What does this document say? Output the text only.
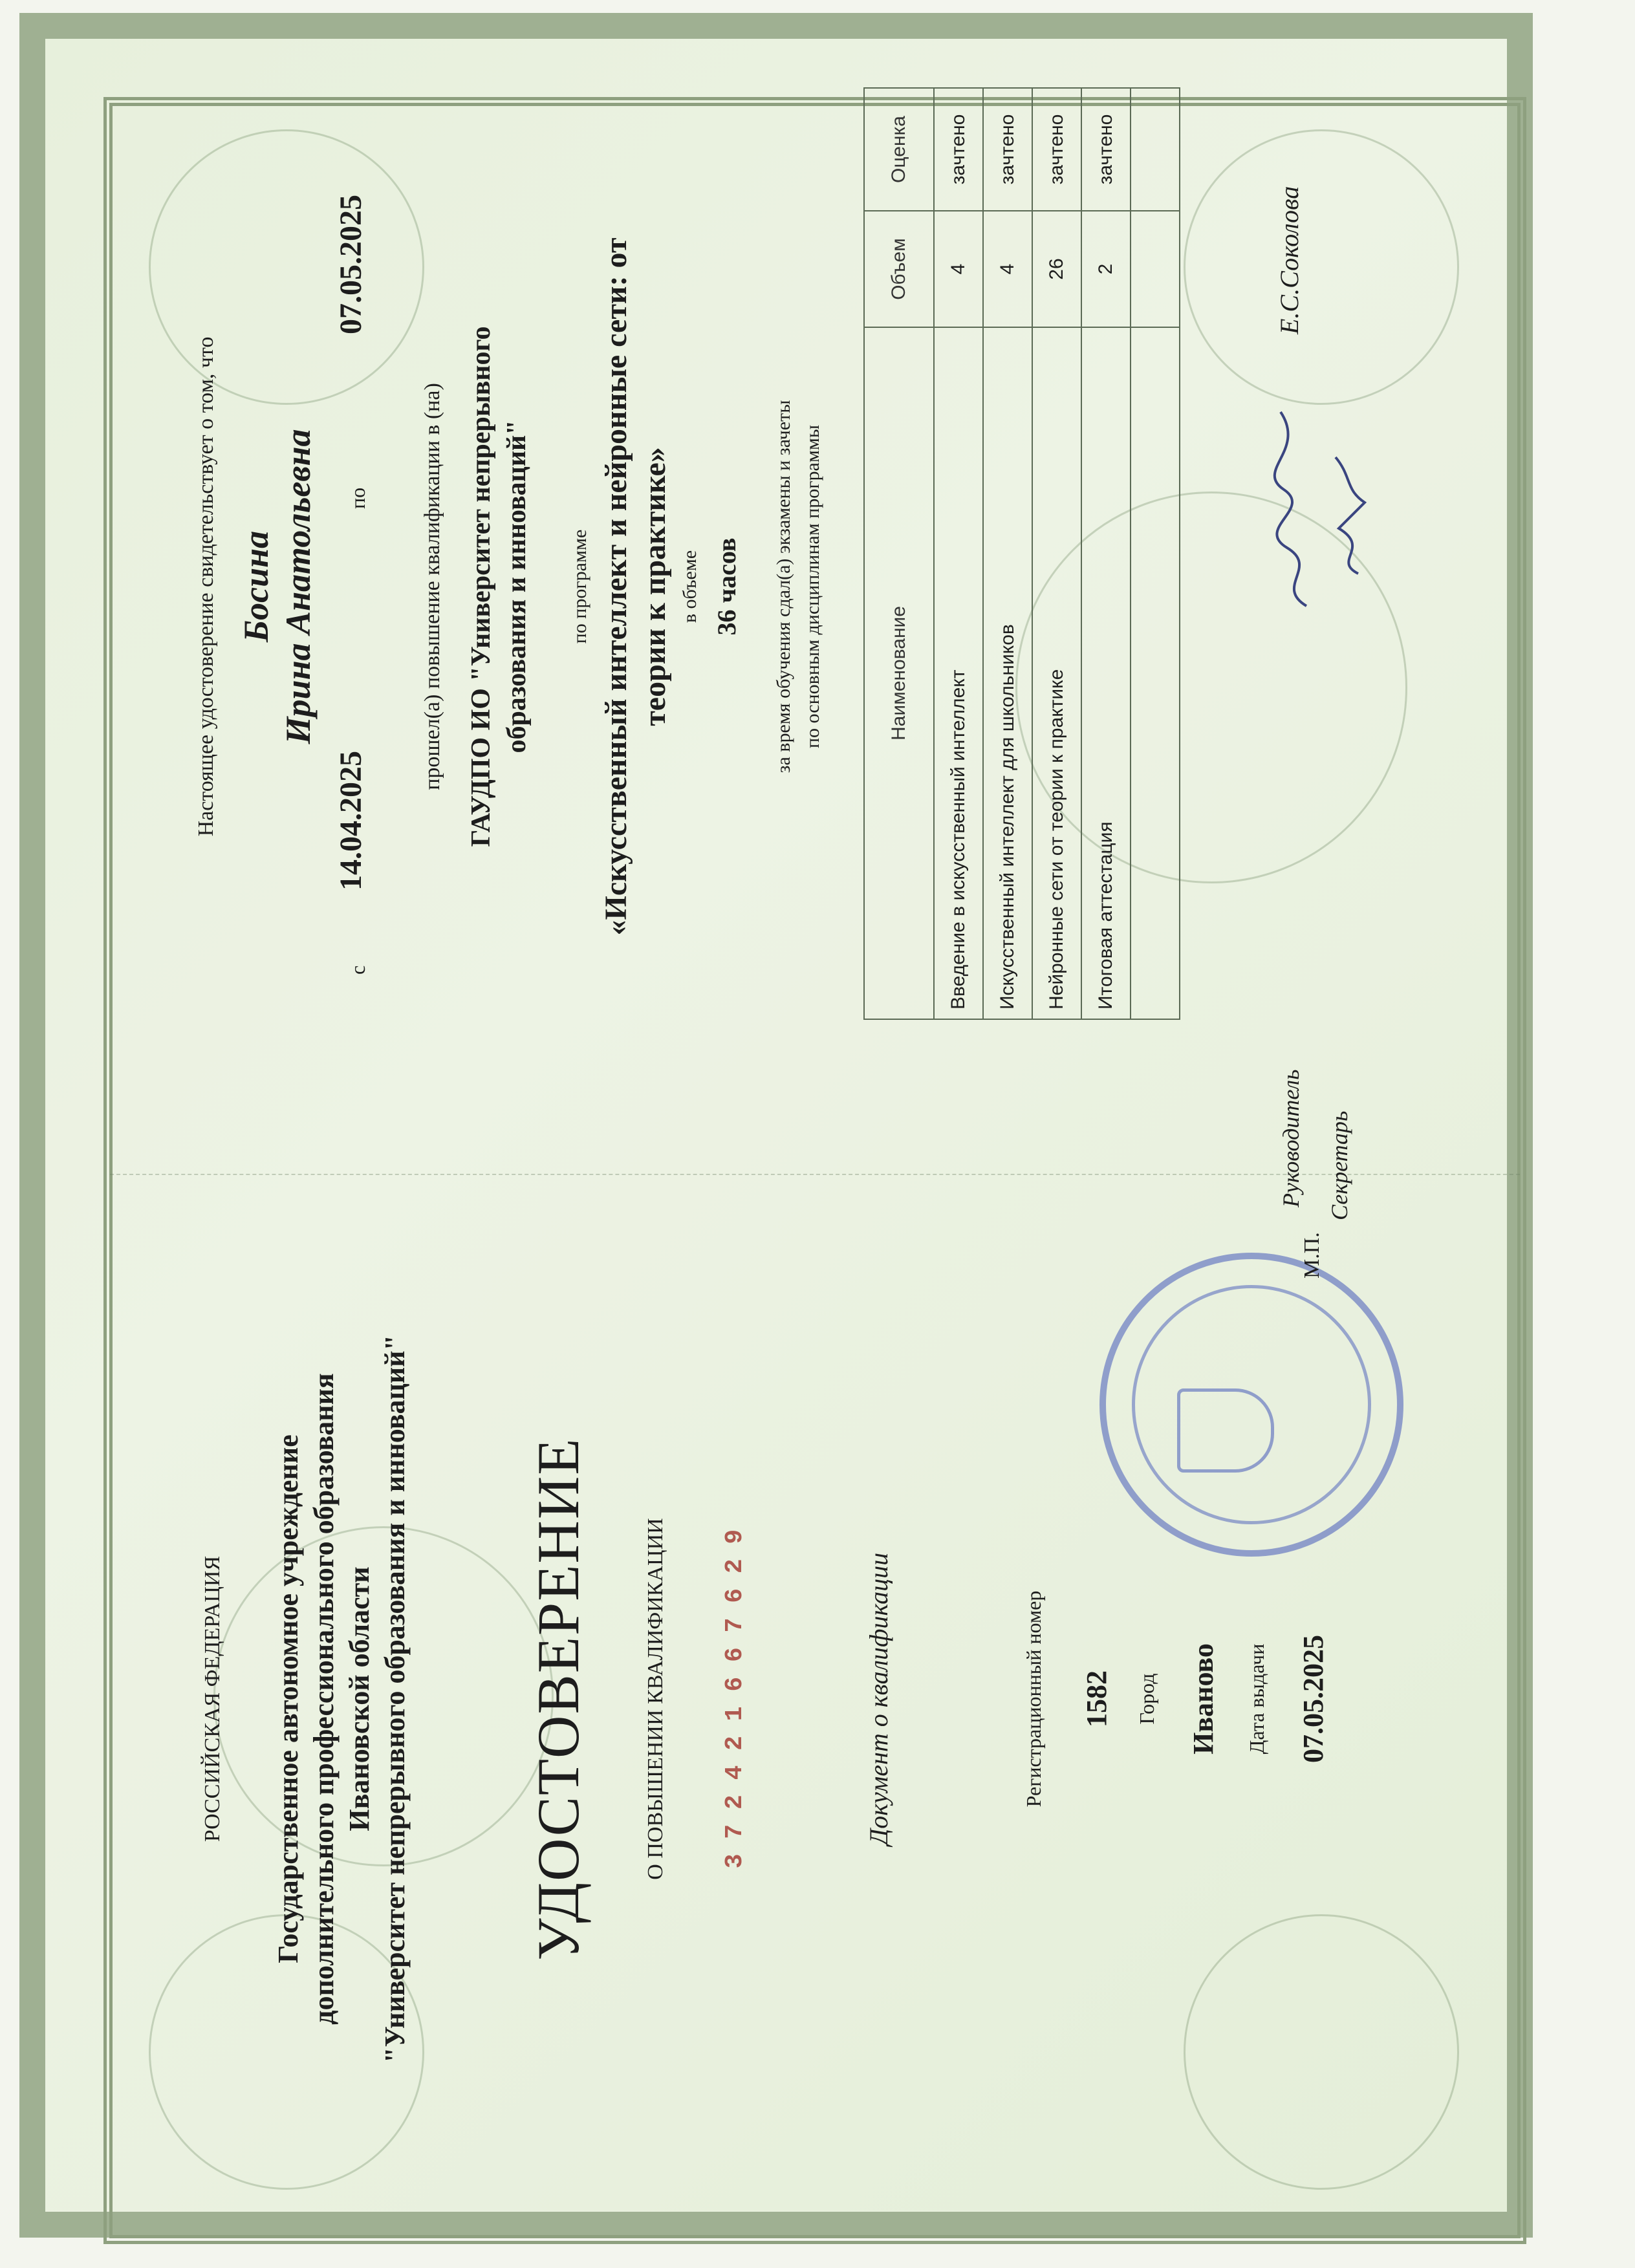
РОССИЙСКАЯ ФЕДЕРАЦИЯ Государственное автономное учреждение дополнительного профессионального образования Ивановской области "Университет непрерывного образования и инноваций" УДОСТОВЕРЕНИЕ О ПОВЫШЕНИИ КВАЛИФИКАЦИИ 3 7 2 4 2 1 6 6 7 6 2 9	Документ о квалификации	Регистрационный номер 1582 Город Иваново Дата выдачи 07.05.2025
Настоящее удостоверение свидетельствует о том, что Босина Ирина Анатольевна
с
14.04.2025
по
07.05.2025
прошел(а) повышение квалификации в (на) ГАУДПО ИО "Университет непрерывного образования и инноваций" по программе «Искусственный интеллект и нейронные сети: от теории к практике» в объеме 36 часов за время обучения сдал(а) экзамены и зачеты по основным дисциплинам программы	Наименование	Объем	Оценка
Введение в искусственный интеллект	4	зачтено
Искусственный интеллект для школьников	4	зачтено
Нейронные сети от теории к практике	26	зачтено
Итоговая аттестация	2	зачтено

Руководитель
М.П.
Секретарь
Е.С.Соколова
